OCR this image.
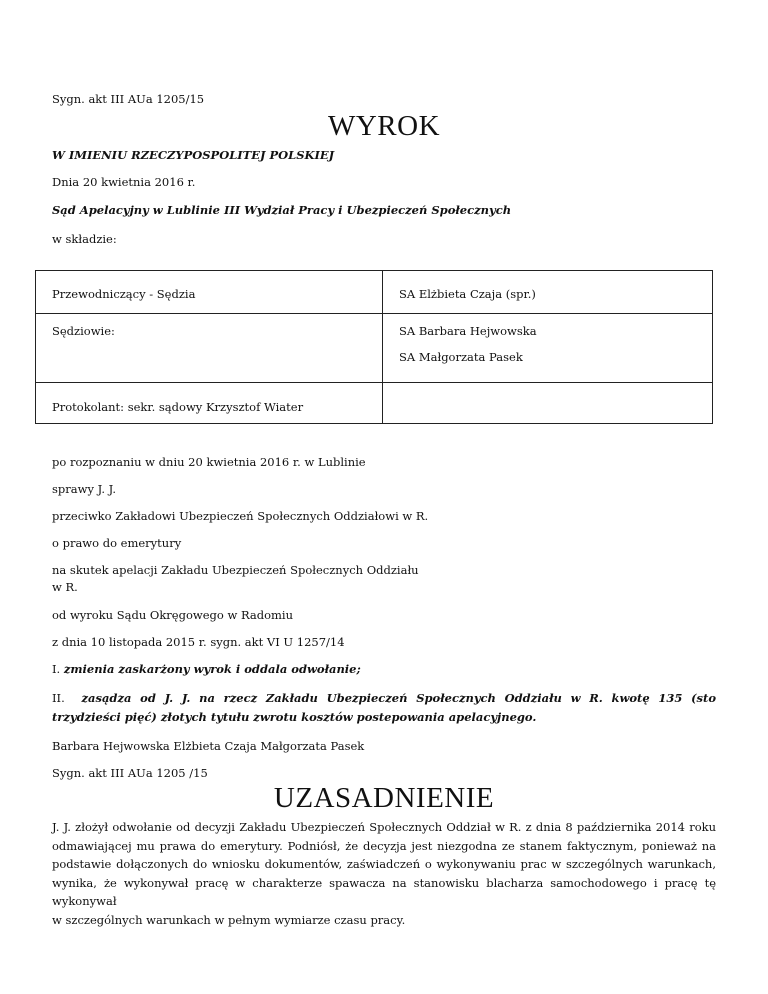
Sygn. akt III AUa 1205/15
WYROK
W IMIENIU RZECZYPOSPOLITEJ POLSKIEJ
Dnia 20 kwietnia 2016 r.
Sąd Apelacyjny w Lublinie III Wydział Pracy i Ubezpieczeń Społecznych
w składzie:
Przewodniczący - Sędzia	SA Elżbieta Czaja (spr.)
Sędziowie:	SA Barbara Hejwowska
SA Małgorzata Pasek

Protokolant: sekr. sądowy Krzysztof Wiater	
po rozpoznaniu w dniu 20 kwietnia 2016 r. w Lublinie
sprawy J. J.
przeciwko Zakładowi Ubezpieczeń Społecznych Oddziałowi w R.
o prawo do emerytury
na skutek apelacji Zakładu Ubezpieczeń Społecznych Oddziału
w R.
od wyroku Sądu Okręgowego w Radomiu
z dnia 10 listopada 2015 r. sygn. akt VI U 1257/14
I. zmienia zaskarżony wyrok i oddala odwołanie;
II. zasądza od J. J. na rzecz Zakładu Ubezpieczeń Społecznych Oddziału w R. kwotę 135 (sto
trzydzieści pięć) złotych tytułu zwrotu kosztów postepowania apelacyjnego.
Barbara Hejwowska Elżbieta Czaja Małgorzata Pasek
Sygn. akt III AUa 1205 /15
UZASADNIENIE
J. J. złożył odwołanie od decyzji Zakładu Ubezpieczeń Społecznych Oddział w R. z dnia 8 października 2014 roku
odmawiającej mu prawa do emerytury. Podniósł, że decyzja jest niezgodna ze stanem faktycznym, ponieważ na
podstawie dołączonych do wniosku dokumentów, zaświadczeń o wykonywaniu prac w szczególnych warunkach,
wynika, że wykonywał pracę w charakterze spawacza na stanowisku blacharza samochodowego i pracę tę wykonywał
w szczególnych warunkach w pełnym wymiarze czasu pracy.
